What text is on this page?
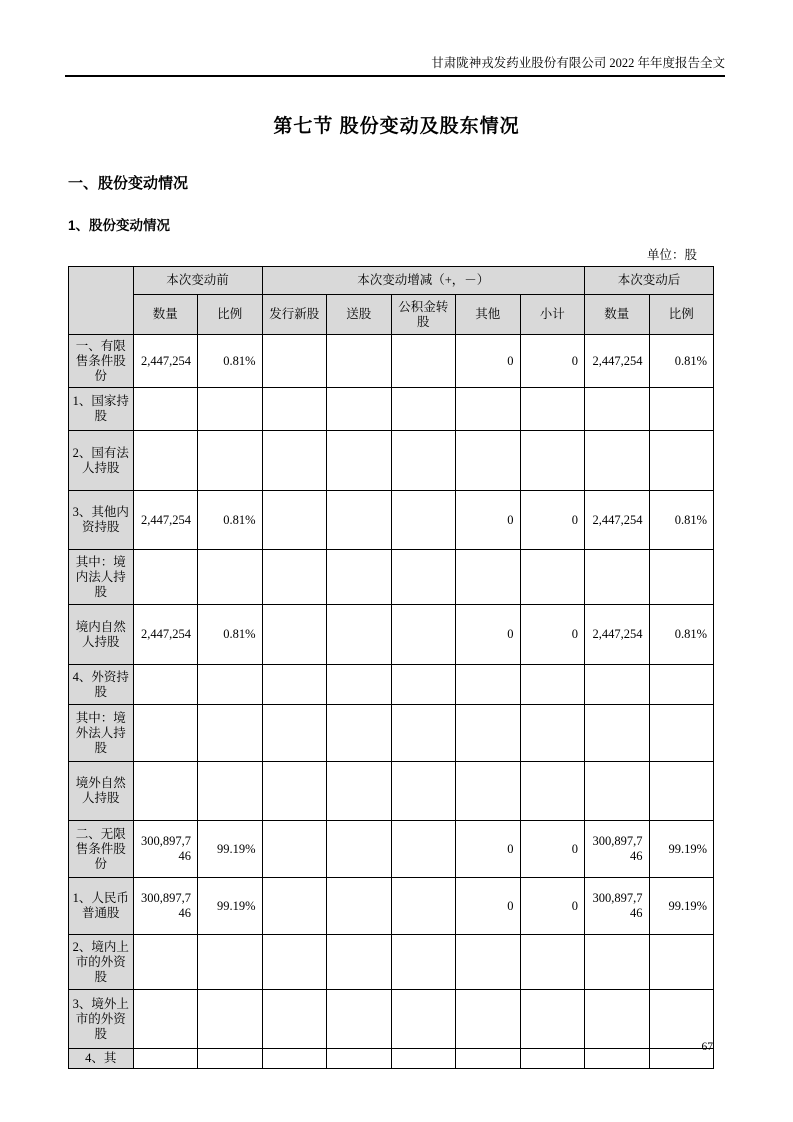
甘肃陇神戎发药业股份有限公司 2022 年年度报告全文
第七节 股份变动及股东情况
一、股份变动情况
1、股份变动情况
单位：股
	本次变动前		本次变动增减（+，－）					本次变动后	
	数量	比例	发行新股	送股	公积金转股	其他	小计	数量	比例
一、有限售条件股份	2,447,254	0.81%				0	0	2,447,254	0.81%
1、国家持股									
2、国有法人持股									
3、其他内资持股	2,447,254	0.81%				0	0	2,447,254	0.81%
其中：境内法人持股									
境内自然人持股	2,447,254	0.81%				0	0	2,447,254	0.81%
4、外资持股									
其中：境外法人持股									
境外自然人持股									
二、无限售条件股份	300,897,746	99.19%				0	0	300,897,746	99.19%
1、人民币普通股	300,897,746	99.19%				0	0	300,897,746	99.19%
2、境内上市的外资股									
3、境外上市的外资股									
4、其									
67
